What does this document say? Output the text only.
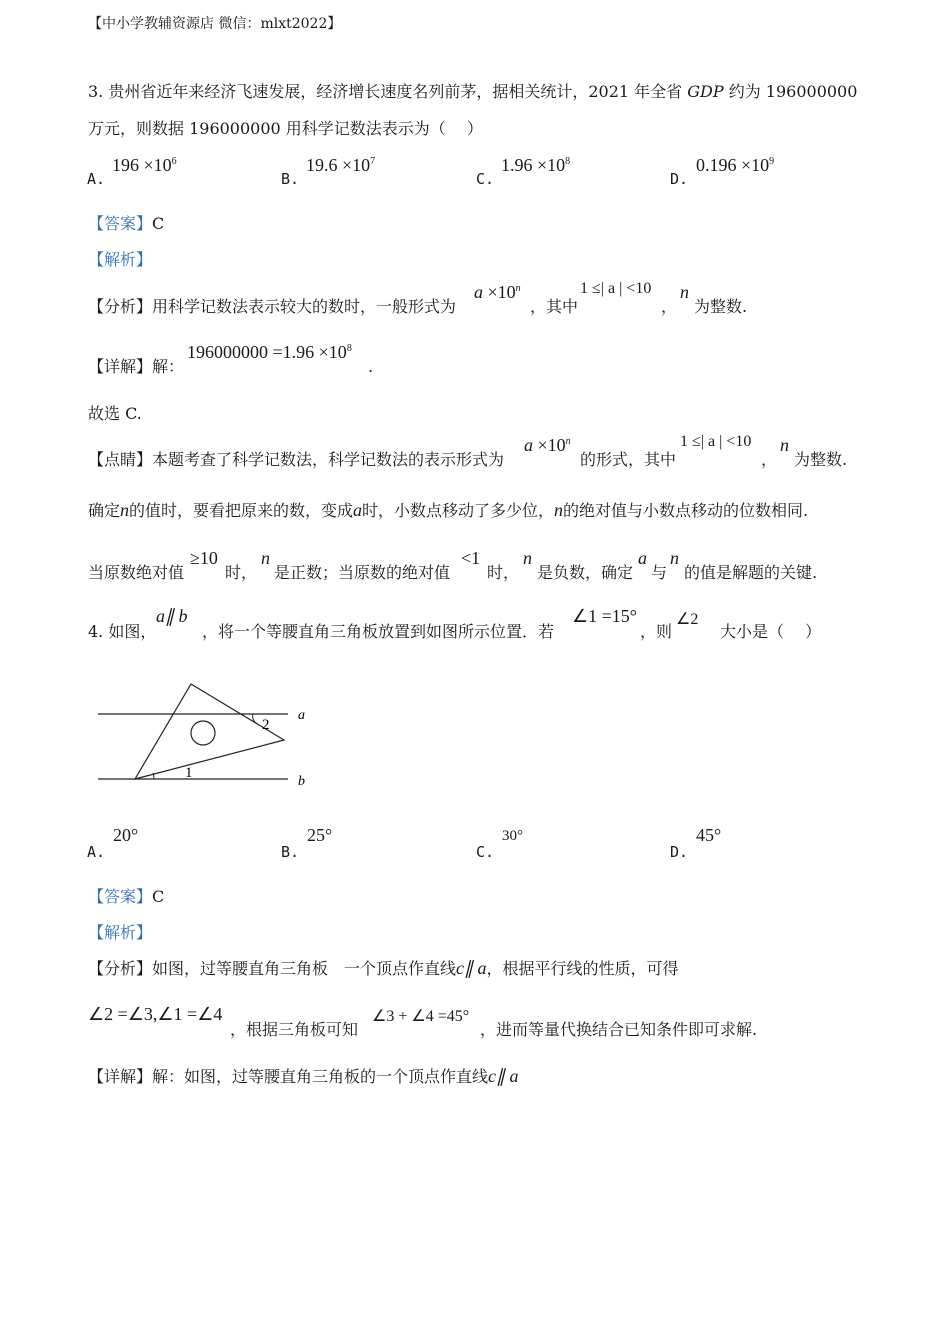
【中小学教辅资源店 微信：mlxt2022】
3. 贵州省近年来经济飞速发展，经济增长速度名列前茅，据相关统计，2021 年全省 GDP 约为 196000000
万元，则数据 196000000 用科学记数法表示为（　 ）
A.
$196 \times 10^6$
B.
$19.6 \times 10^7$
C.
$1.96 \times 10^8$
D.
$0.196 \times 10^9$
【答案】C
【解析】
【分析】用科学记数法表示较大的数时，一般形式为
$a \times 10^n$
，其中
1 ≤| a | <10
，
n
为整数.
【详解】解：
$196000000 =1.96 \times 10^8$
.
故选 C.
【点睛】本题考查了科学记数法，科学记数法的表示形式为
$a \times 10^n$
的形式，其中
1 ≤| a | <10
，
n
为整数.
确定n的值时，要看把原来的数，变成a时，小数点移动了多少位，n的绝对值与小数点移动的位数相同.
当原数绝对值
≥10
时，
n
是正数；当原数的绝对值
<1
时，
n
是负数，确定
a
与
n
的值是解题的关键.
4. 如图，
a∥ b
，将一个等腰直角三角板放置到如图所示位置．若
∠1 =15°
，则
∠2
大小是（　 ）
a
b
2
1
A.
20°
B.
25°
C.
30°
D.
45°
【答案】C
【解析】
【分析】如图，过等腰直角三角板　一个顶点作直线c∥ a，根据平行线的性质，可得
∠2 =∠3,∠1 =∠4
，根据三角板可知
∠3 + ∠4 =45°
，进而等量代换结合已知条件即可求解.
【详解】解：如图，过等腰直角三角板的一个顶点作直线c∥ a
